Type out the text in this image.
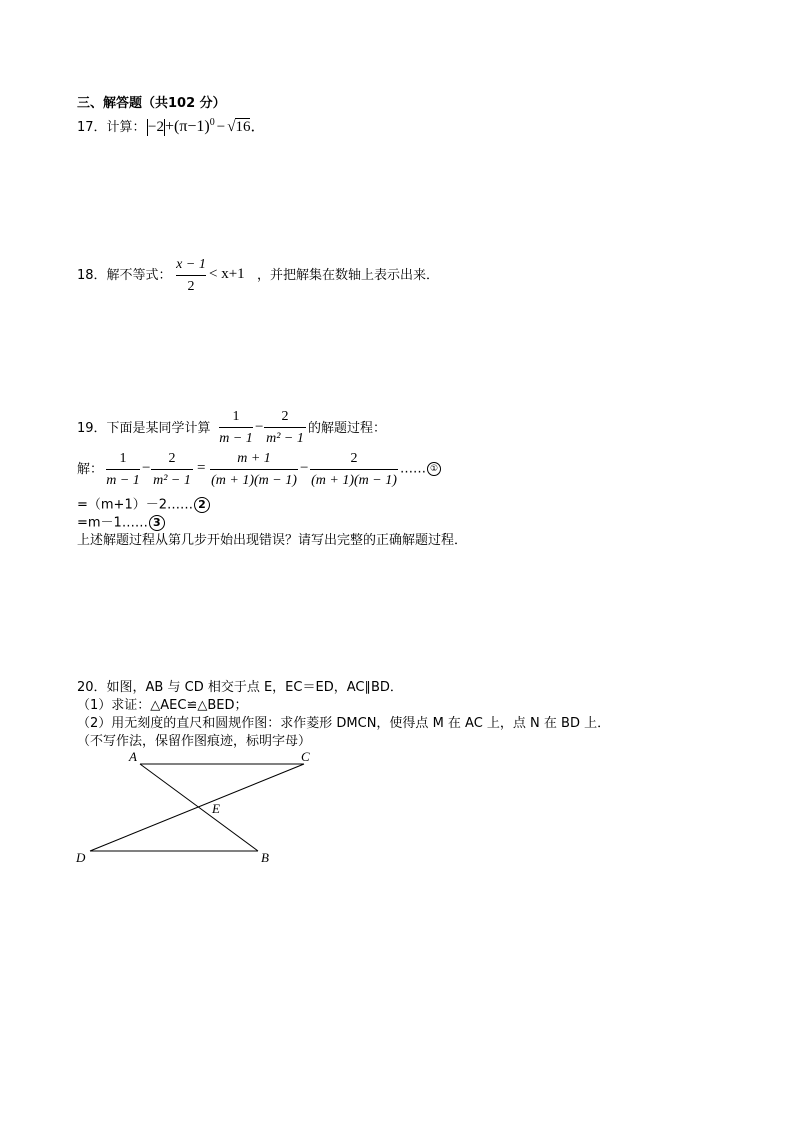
三、解答题（共102 分）
17．计算： $-2+(\pi-1)^0 - √16$．
18．解不等式：
x − 1
2
< x+1 ，并把解集在数轴上表示出来．
19．下面是某同学计算
1
m − 1
−
2
m² − 1
的解题过程：
解：
1
m − 1
−
2
m² − 1
=
m + 1
(m + 1)(m − 1)
−
2
(m + 1)(m − 1)
…… ①
=（m+1）－2…… 2
=m－1…… 3
上述解题过程从第几步开始出现错误？请写出完整的正确解题过程．
20．如图，AB 与 CD 相交于点 E，EC＝ED，AC∥BD．
（1）求证：△AEC≌△BED；
（2）用无刻度的直尺和圆规作图：求作菱形 DMCN，使得点 M 在 AC 上，点 N 在 BD 上．
（不写作法，保留作图痕迹，标明字母）
A	C
E
D	B
